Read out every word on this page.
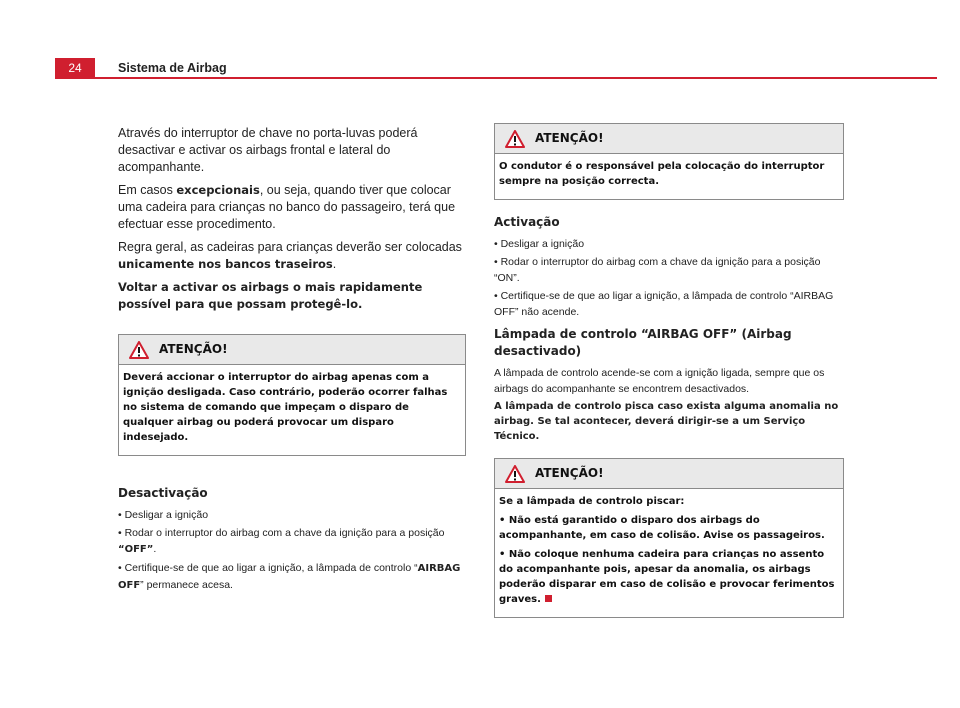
24	Sistema de Airbag

Através do interruptor de chave no porta-luvas poderá desactivar e activar os airbags frontal e lateral do acompanhante.

Em casos excepcionais, ou seja, quando tiver que colocar uma cadeira para crianças no banco do passageiro, terá que efectuar esse procedimento.

Regra geral, as cadeiras para crianças deverão ser colocadas unicamente nos bancos traseiros.

Voltar a activar os airbags o mais rapidamente possível para que possam protegê-lo.

ATENÇÃO!

Deverá accionar o interruptor do airbag apenas com a ignição desligada. Caso contrário, poderão ocorrer falhas no sistema de comando que impeçam o disparo de qualquer airbag ou poderá provocar um disparo indesejado.

Desactivação

• Desligar a ignição

• Rodar o interruptor do airbag com a chave da ignição para a posição “OFF”.

• Certifique-se de que ao ligar a ignição, a lâmpada de controlo “AIRBAG OFF” permanece acesa.

ATENÇÃO!

O condutor é o responsável pela colocação do interruptor sempre na posição correcta.

Activação

• Desligar a ignição

• Rodar o interruptor do airbag com a chave da ignição para a posição “ON”.

• Certifique-se de que ao ligar a ignição, a lâmpada de controlo “AIRBAG OFF” não acende.

Lâmpada de controlo “AIRBAG OFF” (Airbag desactivado)

A lâmpada de controlo acende-se com a ignição ligada, sempre que os airbags do acompanhante se encontrem desactivados.

A lâmpada de controlo pisca caso exista alguma anomalia no airbag. Se tal acontecer, deverá dirigir-se a um Serviço Técnico.

ATENÇÃO!

Se a lâmpada de controlo piscar:

• Não está garantido o disparo dos airbags do acompanhante, em caso de colisão. Avise os passageiros.

• Não coloque nenhuma cadeira para crianças no assento do acompanhante pois, apesar da anomalia, os airbags poderão disparar em caso de colisão e provocar ferimentos graves.
